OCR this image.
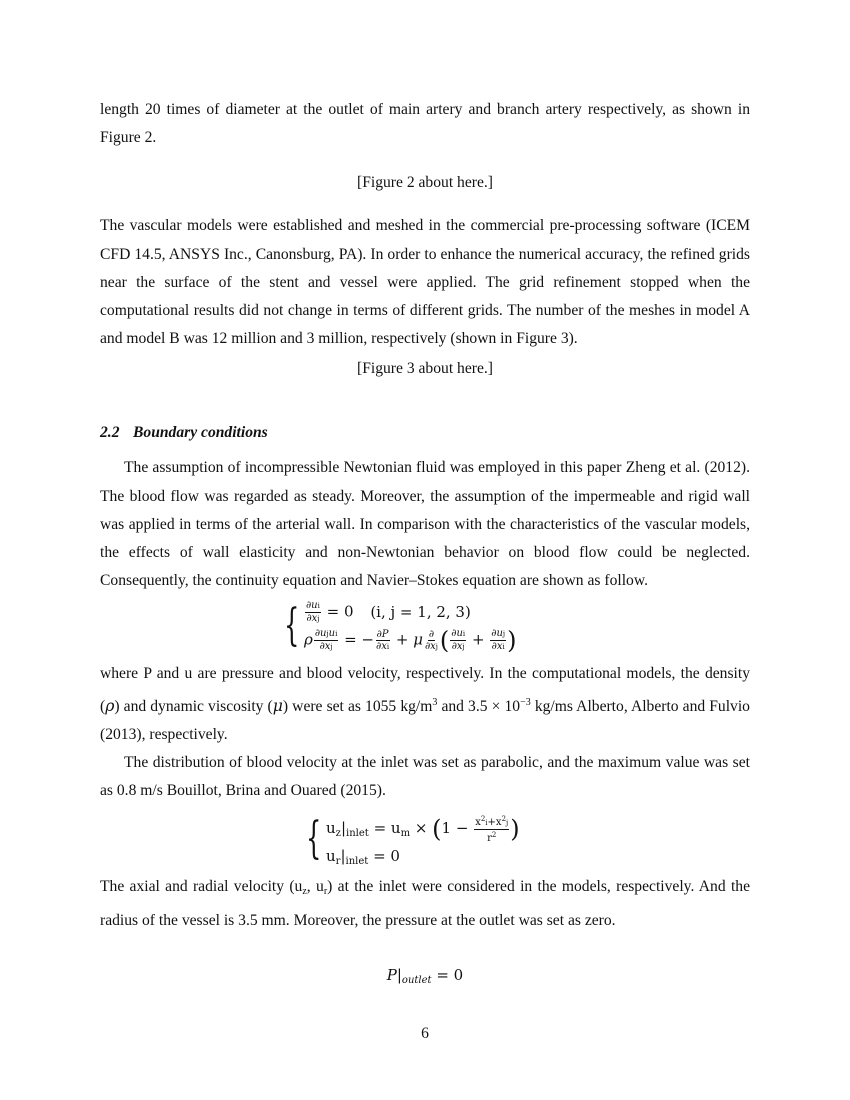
length 20 times of diameter at the outlet of main artery and branch artery respectively, as shown in Figure 2.

[Figure 2 about here.]

The vascular models were established and meshed in the commercial pre-processing software (ICEM CFD 14.5, ANSYS Inc., Canonsburg, PA). In order to enhance the numerical accuracy, the refined grids near the surface of the stent and vessel were applied. The grid refinement stopped when the computational results did not change in terms of different grids. The number of the meshes in model A and model B was 12 million and 3 million, respectively (shown in Figure 3).

[Figure 3 about here.]

2.2 Boundary conditions

The assumption of incompressible Newtonian fluid was employed in this paper Zheng et al. (2012). The blood flow was regarded as steady. Moreover, the assumption of the impermeable and rigid wall was applied in terms of the arterial wall. In comparison with the characteristics of the vascular models, the effects of wall elasticity and non-Newtonian behavior on blood flow could be neglected. Consequently, the continuity equation and Navier–Stokes equation are shown as follow.

{ $\frac{\partial ui}{\partial xj} = 0$ (i, j = 1, 2, 3)
ρ $\frac{\text{∂ujui}}{\partial xj}$ = − $\frac{\partial P}{\partial xi} + \mu \frac{\partial}{\partial xj}$ ( $\frac{\partial ui}{\partial xj} + \frac{\partial uj}{\partial xi}$ )

where P and u are pressure and blood velocity, respectively. In the computational models, the density (ρ) and dynamic viscosity (μ) were set as 1055 $kg/m^3$ and $3.5 \times 10^{-3}$ kg/ms Alberto, Alberto and Fulvio (2013), respectively.

The distribution of blood velocity at the inlet was set as parabolic, and the maximum value was set as 0.8 m/s Bouillot, Brina and Ouared (2015).

{ $u_z|_{inlet} = u_m \times (1 - \frac{x^2i+x^2j}{r^2}$ )
$u_r|_{inlet} = 0$

The axial and radial velocity ($u_z$, $u_r$) at the inlet were considered in the models, respectively. And the radius of the vessel is 3.5 mm. Moreover, the pressure at the outlet was set as zero.

$P|_{outlet} = 0$
6
